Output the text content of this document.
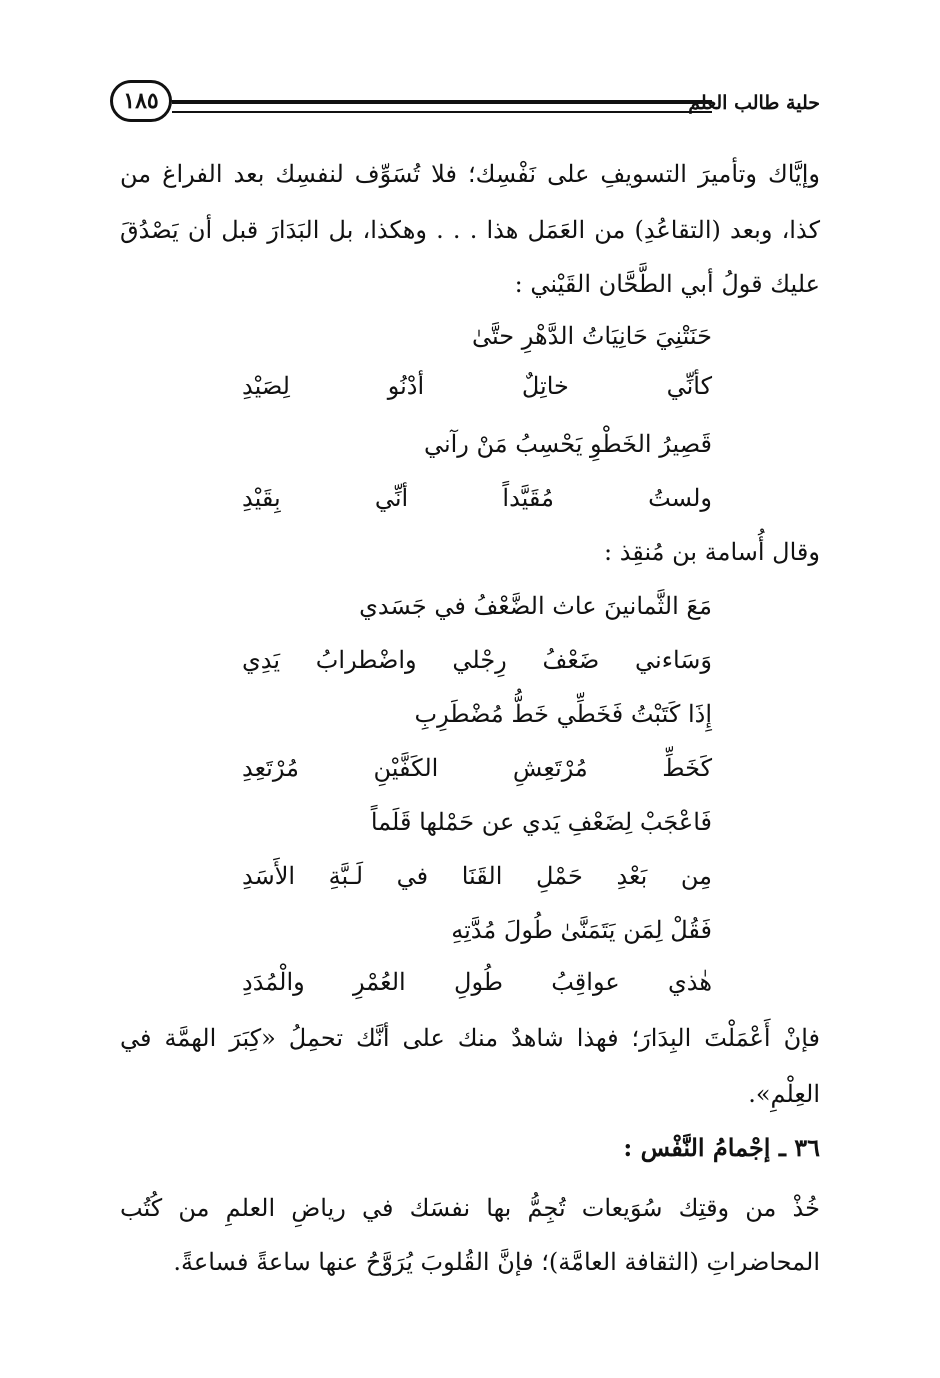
حلية طالب العلم
١٨٥
وإيَّاك وتأميرَ التسويفِ على نَفْسِك؛ فلا تُسَوِّف لنفسِك بعد الفراغ من
كذا، وبعد (التقاعُدِ) من العَمَل هذا . . . وهكذا، بل البَدَارَ قبل أن يَصْدُقَ
عليك قولُ أبي الطَّحَّان القَيْني :
حَنَتْنِيَ حَانِيَاتُ الدَّهْرِ حتَّىٰ
كأنِّي خاتِلٌ أدْنُو لِصَيْدِ
قَصِيرُ الخَطْوِ يَحْسِبُ مَنْ رآني
ولستُ مُقَيَّداً أنِّي بِقَيْدِ
وقال أُسامة بن مُنقِذ :
مَعَ الثَّمانينَ عاث الضَّعْفُ في جَسَدي
وَسَاءني ضَعْفُ رِجْلي واضْطرابُ يَدِي
إِذَا كَتَبْتُ فَخَطِّي خَطُّ مُضْطَرِبِ
كَخَطِّ مُرْتَعِشِ الكَفَّيْنِ مُرْتَعِدِ
فَاعْجَبْ لِضَعْفِ يَدي عن حَمْلها قَلَماً
مِن بَعْدِ حَمْلِ القَنَا في لَـبَّةِ الأَسَدِ
فَقُلْ لِمَن يَتَمَنَّىٰ طُولَ مُدَّتِهِ
هٰذي عواقِبُ طُولِ العُمْرِ والْمُدَدِ
فإنْ أَعْمَلْتَ البِدَارَ؛ فهذا شاهدٌ منك على أنَّك تحمِلُ «كِبَرَ الهمَّة في
العِلْمِ».
٣٦ ـ إجْمامُ النَّفْس :
خُذْ من وقتِك سُوَيعات تُجِمُّ بها نفسَك في رياضِ العلمِ من كُتُب
المحاضراتِ (الثقافة العامَّة)؛ فإنَّ القُلوبَ يُرَوَّحُ عنها ساعةً فساعةً.
